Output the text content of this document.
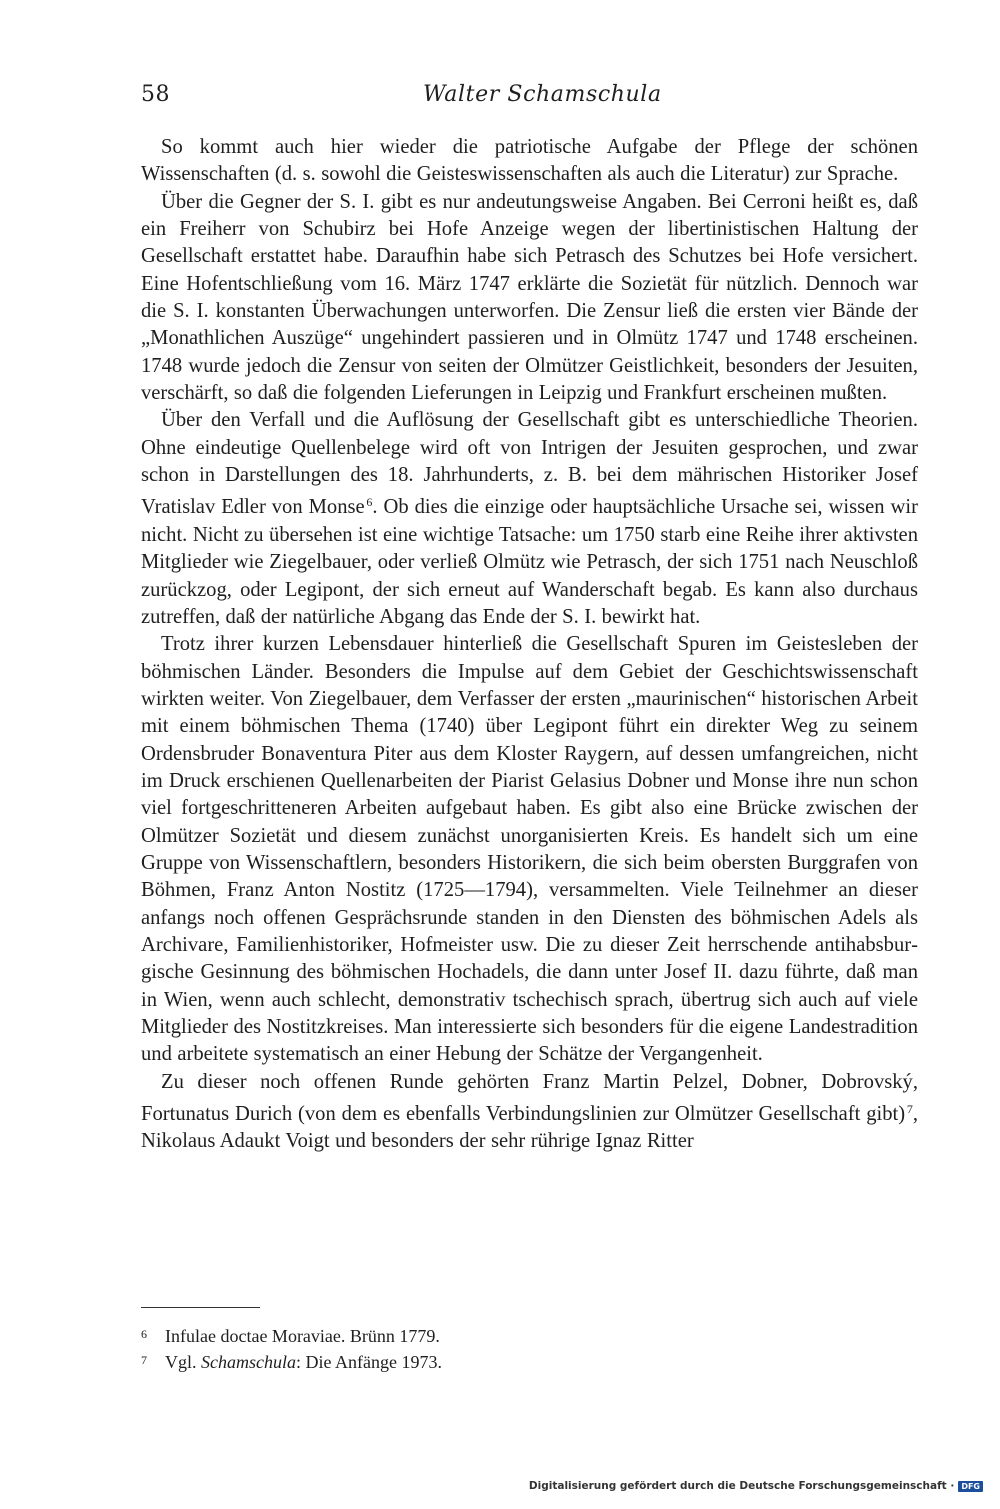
58	Walter Schamschula

So kommt auch hier wieder die patriotische Aufgabe der Pflege der schönen Wissenschaften (d. s. sowohl die Geisteswissenschaften als auch die Literatur) zur Sprache.

Über die Gegner der S. I. gibt es nur andeutungsweise Angaben. Bei Cerroni heißt es, daß ein Freiherr von Schubirz bei Hofe Anzeige wegen der libertinistischen Haltung der Gesellschaft erstattet habe. Daraufhin habe sich Petrasch des Schutzes bei Hofe versichert. Eine Hofentschließung vom 16. März 1747 erklärte die Sozietät für nützlich. Dennoch war die S. I. konstanten Überwachungen unterworfen. Die Zensur ließ die ersten vier Bände der „Monathlichen Auszüge“ ungehindert passieren und in Olmütz 1747 und 1748 erscheinen. 1748 wurde jedoch die Zensur von seiten der Olmützer Geistlichkeit, besonders der Jesuiten, verschärft, so daß die folgenden Lieferungen in Leipzig und Frankfurt erscheinen mußten.

Über den Verfall und die Auflösung der Gesellschaft gibt es unterschiedliche Theorien. Ohne eindeutige Quellenbelege wird oft von Intrigen der Jesuiten gesprochen, und zwar schon in Darstellungen des 18. Jahrhunderts, z. B. bei dem mährischen Historiker Josef Vratislav Edler von Monse  $^6$. Ob dies die einzige oder hauptsächliche Ursache sei, wissen wir nicht. Nicht zu übersehen ist eine wichtige Tatsache: um 1750 starb eine Reihe ihrer aktivsten Mitglieder wie Ziegelbauer, oder verließ Olmütz wie Petrasch, der sich 1751 nach Neuschloß zurückzog, oder Legipont, der sich erneut auf Wanderschaft begab. Es kann also durchaus zutreffen, daß der natürliche Abgang das Ende der S. I. bewirkt hat.

Trotz ihrer kurzen Lebensdauer hinterließ die Gesellschaft Spuren im Geistesleben der böhmischen Länder. Besonders die Impulse auf dem Gebiet der Geschichtswissenschaft wirkten weiter. Von Ziegelbauer, dem Verfasser der ersten „maurinischen“ historischen Arbeit mit einem böhmischen Thema (1740) über Legipont führt ein direkter Weg zu seinem Ordensbruder Bonaventura Piter aus dem Kloster Raygern, auf dessen umfangreichen, nicht im Druck erschienen Quellenarbeiten der Piarist Gelasius Dobner und Monse ihre nun schon viel fortgeschritteneren Arbeiten aufgebaut haben. Es gibt also eine Brücke zwischen der Olmützer Sozietät und diesem zunächst unorganisierten Kreis. Es handelt sich um eine Gruppe von Wissenschaftlern, besonders Historikern, die sich beim obersten Burggrafen von Böhmen, Franz Anton Nostitz (1725—1794), versammelten. Viele Teilnehmer an dieser anfangs noch offenen Gesprächsrunde standen in den Diensten des böhmischen Adels als Archivare, Familienhistoriker, Hofmeister usw. Die zu dieser Zeit herrschende antihabsburgische Gesinnung des böhmischen Hochadels, die dann unter Josef II. dazu führte, daß man in Wien, wenn auch schlecht, demonstrativ tschechisch sprach, übertrug sich auch auf viele Mitglieder des Nostitzkreises. Man interessierte sich besonders für die eigene Landestradition und arbeitete systematisch an einer Hebung der Schätze der Vergangenheit.

Zu dieser noch offenen Runde gehörten Franz Martin Pelzel, Dobner, Dobrovský, Fortunatus Durich (von dem es ebenfalls Verbindungslinien zur Olmützer Gesellschaft gibt)  $^7$, Nikolaus Adaukt Voigt und besonders der sehr rührige Ignaz Ritter

6 Infulae doctae Moraviae. Brünn 1779.

7 Vgl. Schamschula: Die Anfänge 1973.

Digitalisierung gefördert durch die Deutsche Forschungsgemeinschaft · DFG
